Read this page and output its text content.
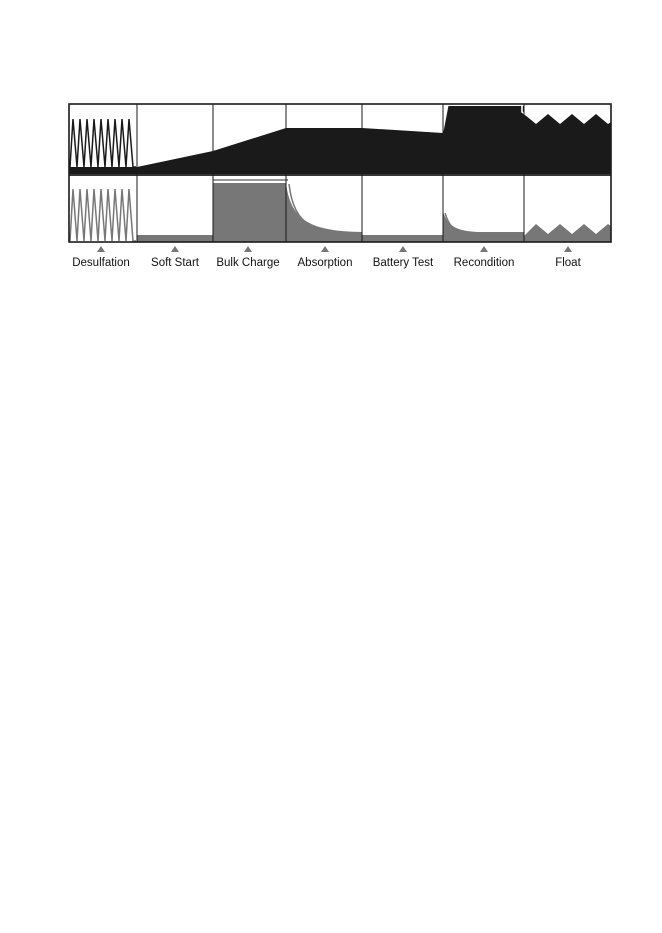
Desulfation Soft Start Bulk Charge Absorption Battery Test Recondition	Float
